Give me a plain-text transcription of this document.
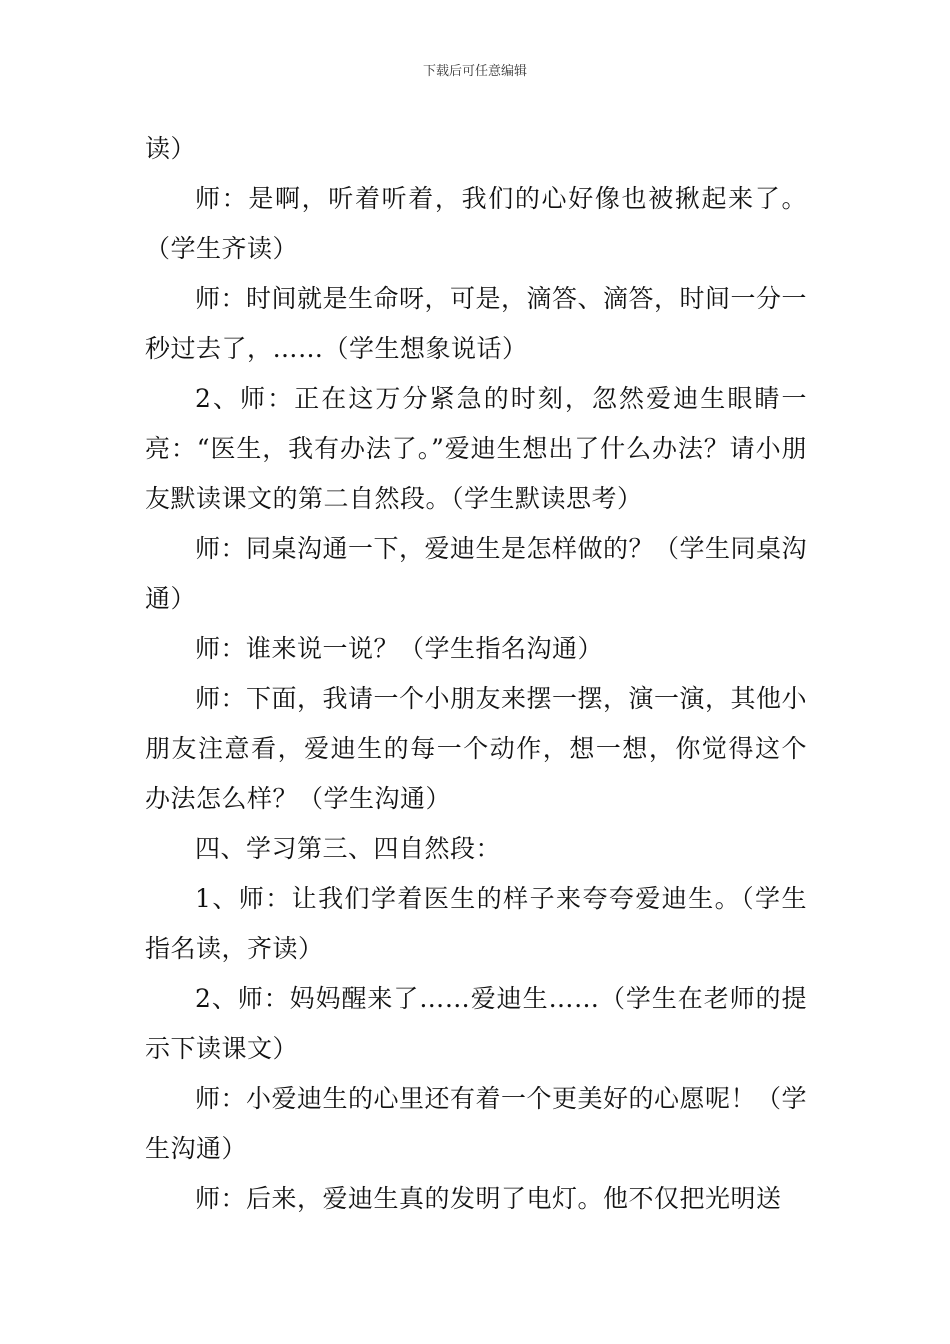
下载后可任意编辑

读）

师：是啊，听着听着，我们的心好像也被揪起来了。（学生齐读）

师：时间就是生命呀，可是，滴答、滴答，时间一分一秒过去了，……（学生想象说话）

2、师：正在这万分紧急的时刻，忽然爱迪生眼睛一亮：“医生，我有办法了。”爱迪生想出了什么办法？请小朋友默读课文的第二自然段。（学生默读思考）

师：同桌沟通一下，爱迪生是怎样做的？（学生同桌沟通）

师：谁来说一说？（学生指名沟通）

师：下面，我请一个小朋友来摆一摆，演一演，其他小朋友注意看，爱迪生的每一个动作，想一想，你觉得这个办法怎么样？（学生沟通）

四、学习第三、四自然段：

1、师：让我们学着医生的样子来夸夸爱迪生。（学生指名读，齐读）

2、师：妈妈醒来了……爱迪生……（学生在老师的提示下读课文）

师：小爱迪生的心里还有着一个更美好的心愿呢！（学生沟通）

师：后来，爱迪生真的发明了电灯。他不仅把光明送
